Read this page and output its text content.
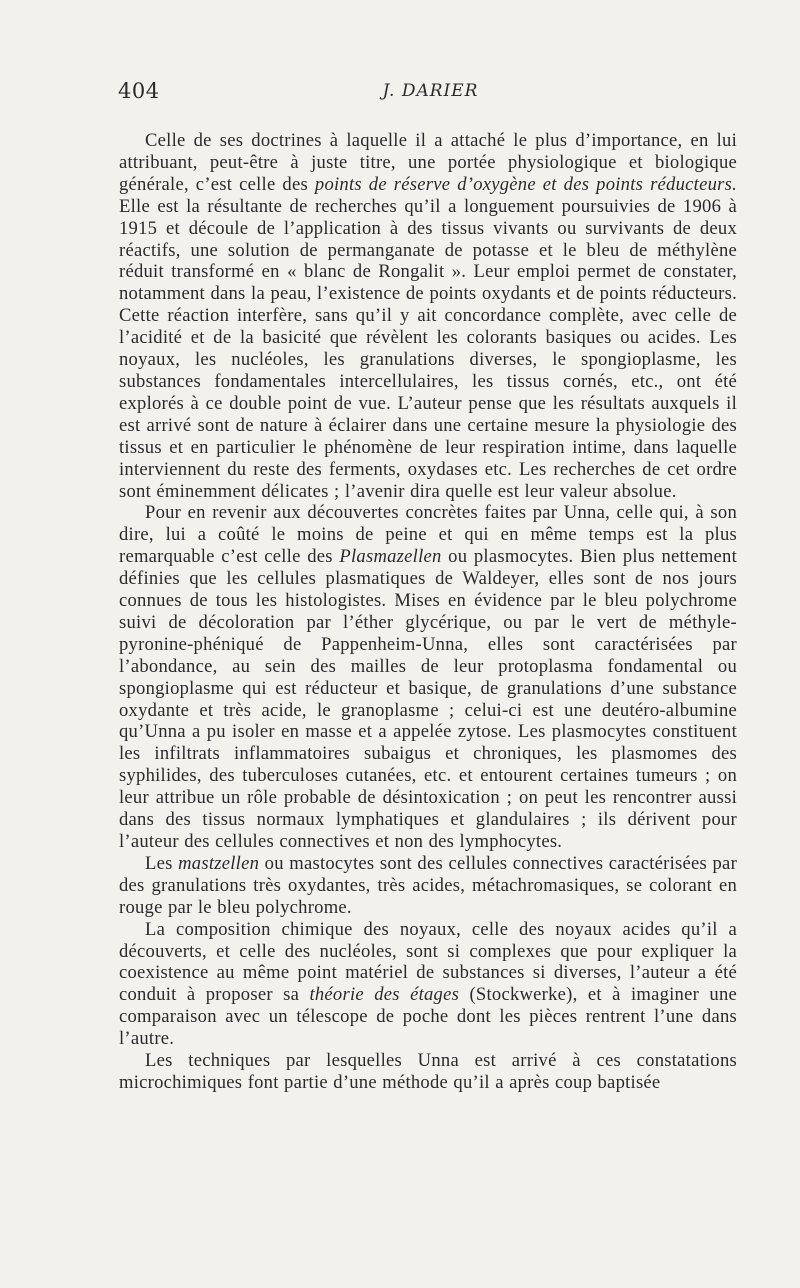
404	J. DARIER

Celle de ses doctrines à laquelle il a attaché le plus d’importance, en lui attribuant, peut-être à juste titre, une portée physiologique et biologique générale, c’est celle des points de réserve d’oxygène et des points réducteurs. Elle est la résultante de recherches qu’il a longuement poursuivies de 1906 à 1915 et découle de l’application à des tissus vivants ou survivants de deux réactifs, une solution de permanganate de potasse et le bleu de méthylène réduit transformé en « blanc de Rongalit ». Leur emploi permet de constater, notamment dans la peau, l’existence de points oxydants et de points réducteurs. Cette réaction interfère, sans qu’il y ait concordance complète, avec celle de l’acidité et de la basicité que révèlent les colorants basiques ou acides. Les noyaux, les nucléoles, les granulations diverses, le spongioplasme, les substances fondamentales intercellulaires, les tissus cornés, etc., ont été explorés à ce double point de vue. L’auteur pense que les résultats auxquels il est arrivé sont de nature à éclairer dans une certaine mesure la physiologie des tissus et en particulier le phénomène de leur respiration intime, dans laquelle interviennent du reste des ferments, oxydases etc. Les recherches de cet ordre sont éminemment délicates ; l’avenir dira quelle est leur valeur absolue.

Pour en revenir aux découvertes concrètes faites par Unna, celle qui, à son dire, lui a coûté le moins de peine et qui en même temps est la plus remarquable c’est celle des Plasmazellen ou plasmocytes. Bien plus nettement définies que les cellules plasmatiques de Waldeyer, elles sont de nos jours connues de tous les histologistes. Mises en évidence par le bleu polychrome suivi de décoloration par l’éther glycérique, ou par le vert de méthyle-pyronine-phéniqué de Pappenheim-Unna, elles sont caractérisées par l’abondance, au sein des mailles de leur protoplasma fondamental ou spongioplasme qui est réducteur et basique, de granulations d’une substance oxydante et très acide, le granoplasme ; celui-ci est une deutéro-albumine qu’Unna a pu isoler en masse et a appelée zytose. Les plasmocytes constituent les infiltrats inflammatoires subaigus et chroniques, les plasmomes des syphilides, des tuberculoses cutanées, etc. et entourent certaines tumeurs ; on leur attribue un rôle probable de désintoxication ; on peut les rencontrer aussi dans des tissus normaux lymphatiques et glandulaires ; ils dérivent pour l’auteur des cellules connectives et non des lymphocytes.

Les mastzellen ou mastocytes sont des cellules connectives caractérisées par des granulations très oxydantes, très acides, métachromasiques, se colorant en rouge par le bleu polychrome.

La composition chimique des noyaux, celle des noyaux acides qu’il a découverts, et celle des nucléoles, sont si complexes que pour expliquer la coexistence au même point matériel de substances si diverses, l’auteur a été conduit à proposer sa théorie des étages (Stockwerke), et à imaginer une comparaison avec un télescope de poche dont les pièces rentrent l’une dans l’autre.

Les techniques par lesquelles Unna est arrivé à ces constatations microchimiques font partie d’une méthode qu’il a après coup baptisée
